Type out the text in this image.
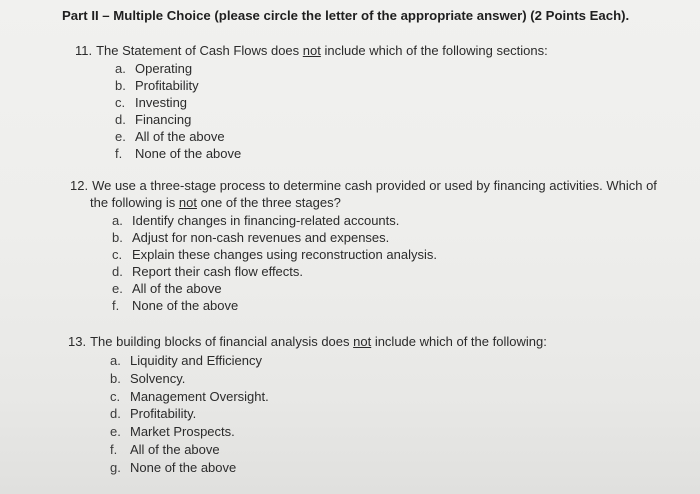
Part II – Multiple Choice (please circle the letter of the appropriate answer) (2 Points Each).
11. The Statement of Cash Flows does not include which of the following sections:
a. Operating
b. Profitability
c. Investing
d. Financing
e. All of the above
f. None of the above
12. We use a three-stage process to determine cash provided or used by financing activities. Which of
the following is not one of the three stages?
a. Identify changes in financing-related accounts.
b. Adjust for non-cash revenues and expenses.
c. Explain these changes using reconstruction analysis.
d. Report their cash flow effects.
e. All of the above
f. None of the above
13. The building blocks of financial analysis does not include which of the following:
a. Liquidity and Efficiency
b. Solvency.
c. Management Oversight.
d. Profitability.
e. Market Prospects.
f. All of the above
g. None of the above
